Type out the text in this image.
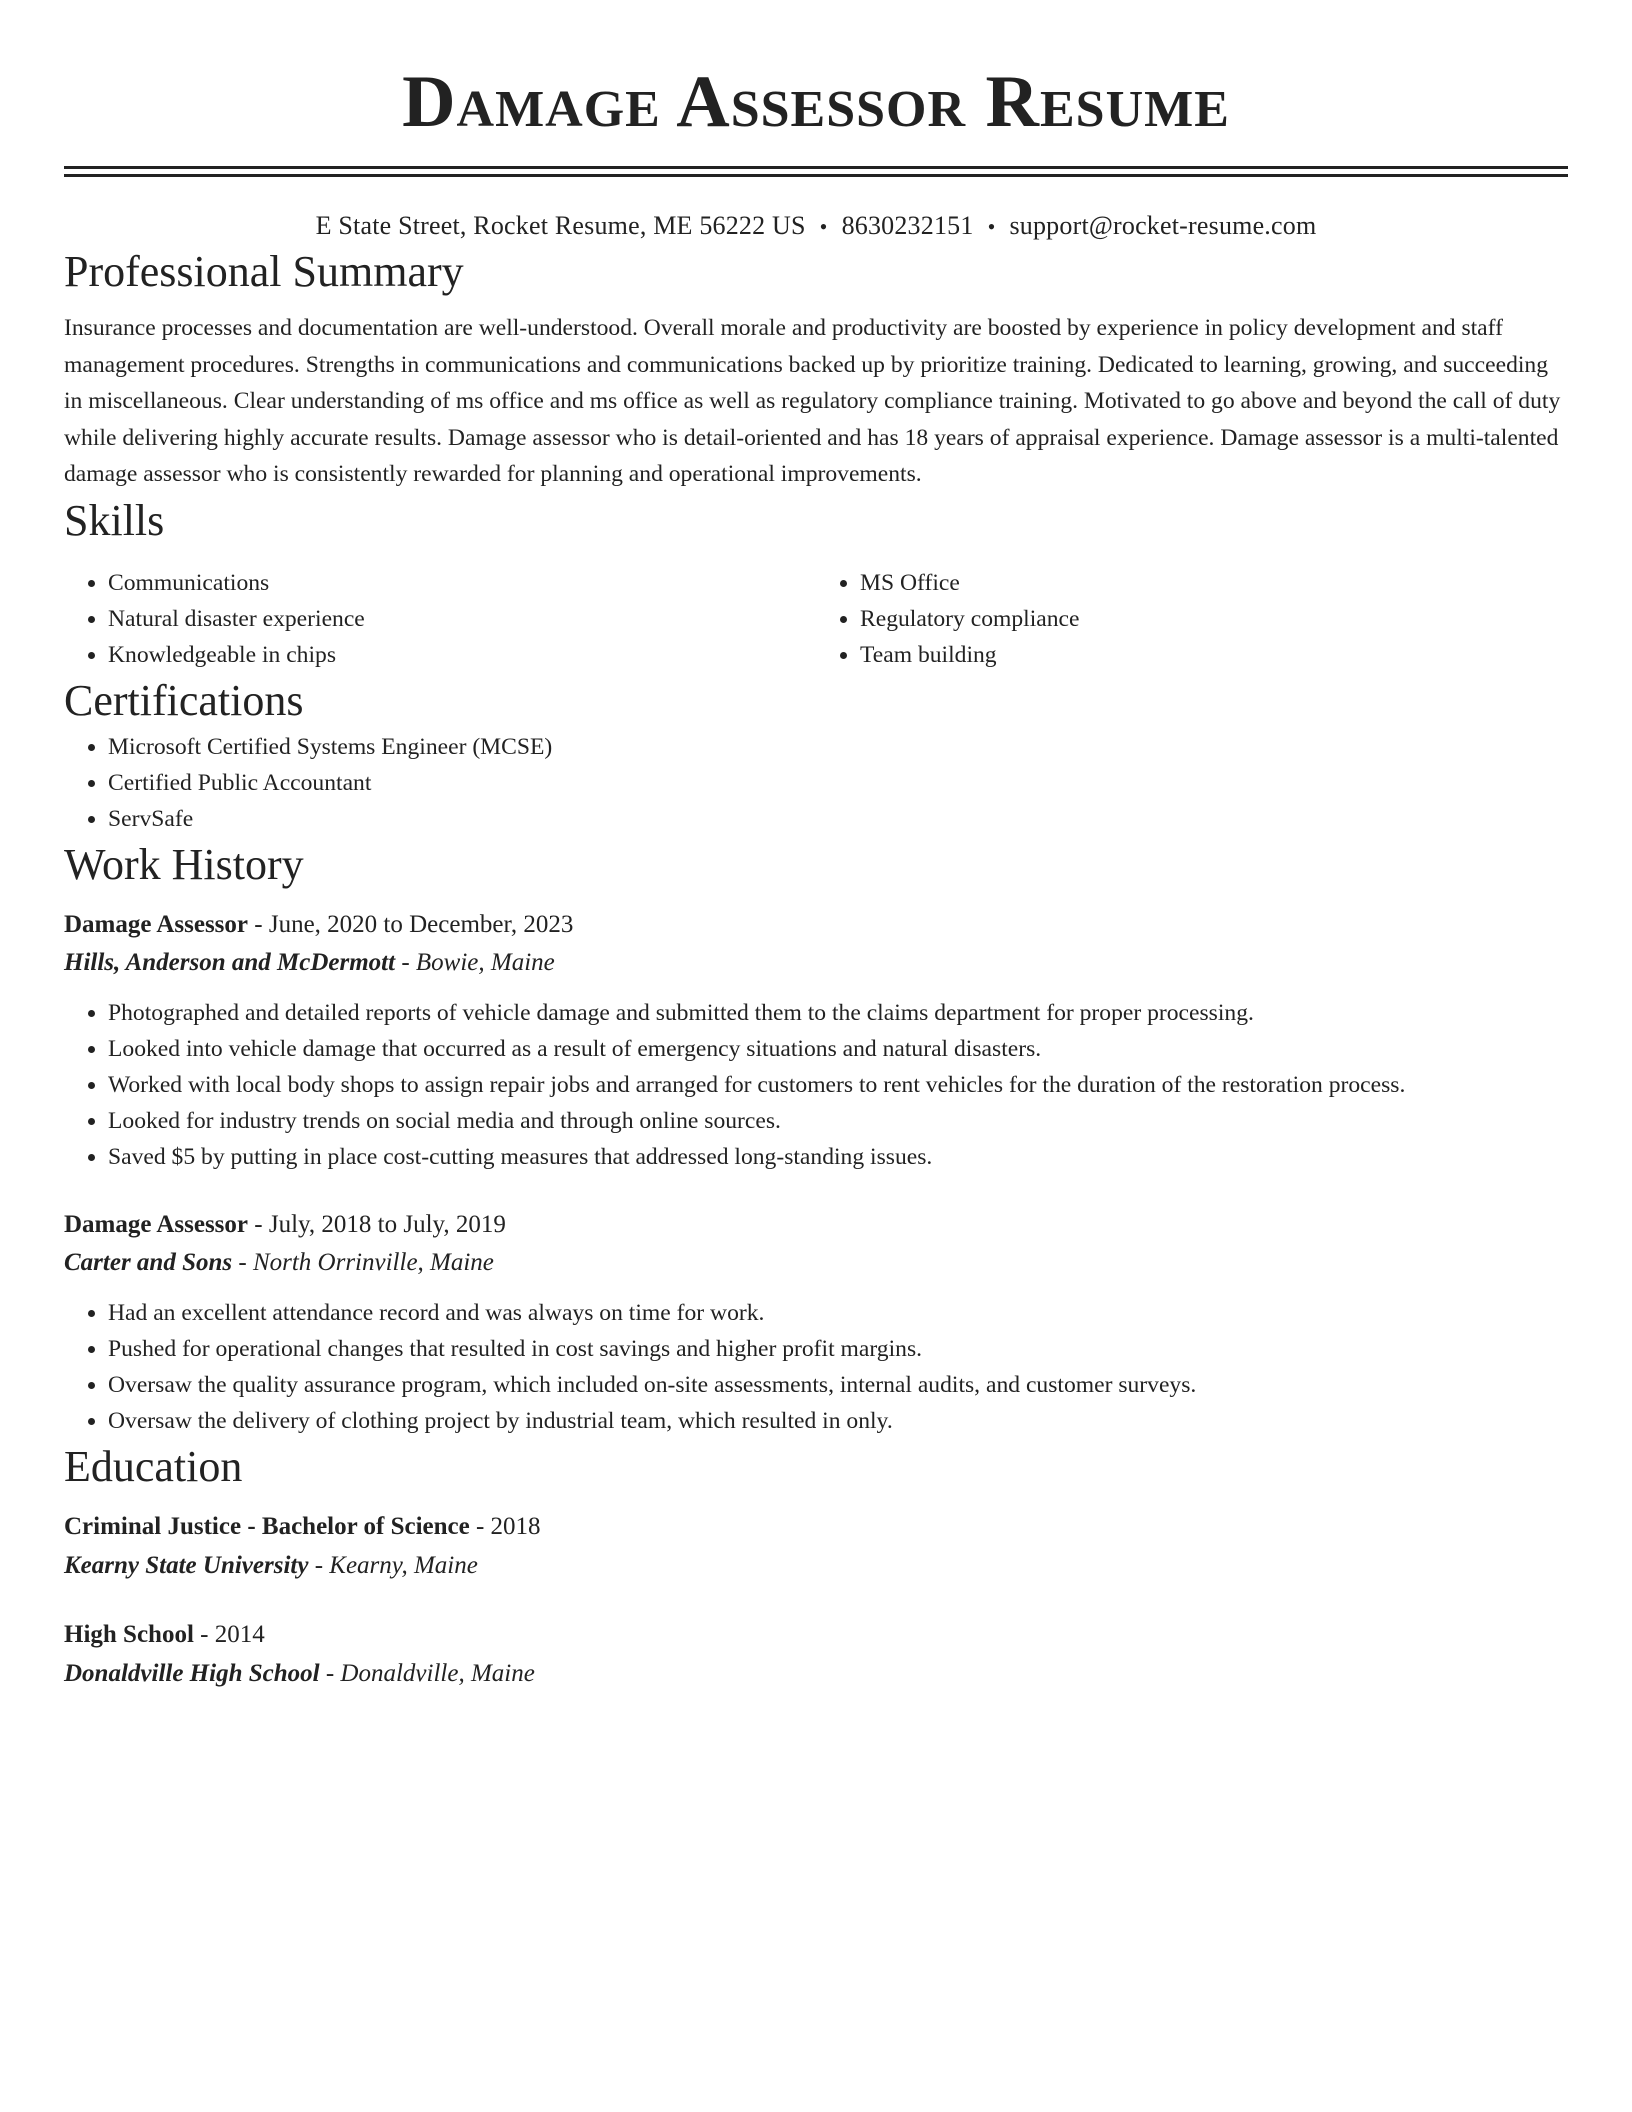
Damage Assessor Resume
E State Street, Rocket Resume, ME 56222 US • 8630232151 • support@rocket-resume.com
Professional Summary

Insurance processes and documentation are well-understood. Overall morale and productivity are boosted by experience in policy development and staff management procedures. Strengths in communications and communications backed up by prioritize training. Dedicated to learning, growing, and succeeding in miscellaneous. Clear understanding of ms office and ms office as well as regulatory compliance training. Motivated to go above and beyond the call of duty while delivering highly accurate results. Damage assessor who is detail-oriented and has 18 years of appraisal experience. Damage assessor is a multi-talented damage assessor who is consistently rewarded for planning and operational improvements.

Skills
• Communications
• Natural disaster experience
• Knowledgeable in chips
• MS Office
• Regulatory compliance
• Team building
Certifications
• Microsoft Certified Systems Engineer (MCSE)
• Certified Public Accountant
• ServSafe
Work History
Damage Assessor - June, 2020 to December, 2023
Hills, Anderson and McDermott - Bowie, Maine
• Photographed and detailed reports of vehicle damage and submitted them to the claims department for proper processing.
• Looked into vehicle damage that occurred as a result of emergency situations and natural disasters.
• Worked with local body shops to assign repair jobs and arranged for customers to rent vehicles for the duration of the restoration process.
• Looked for industry trends on social media and through online sources.
• Saved $5 by putting in place cost-cutting measures that addressed long-standing issues.
Damage Assessor - July, 2018 to July, 2019
Carter and Sons - North Orrinville, Maine
• Had an excellent attendance record and was always on time for work.
• Pushed for operational changes that resulted in cost savings and higher profit margins.
• Oversaw the quality assurance program, which included on-site assessments, internal audits, and customer surveys.
• Oversaw the delivery of clothing project by industrial team, which resulted in only.
Education
Criminal Justice - Bachelor of Science - 2018
Kearny State University - Kearny, Maine
High School - 2014
Donaldville High School - Donaldville, Maine
